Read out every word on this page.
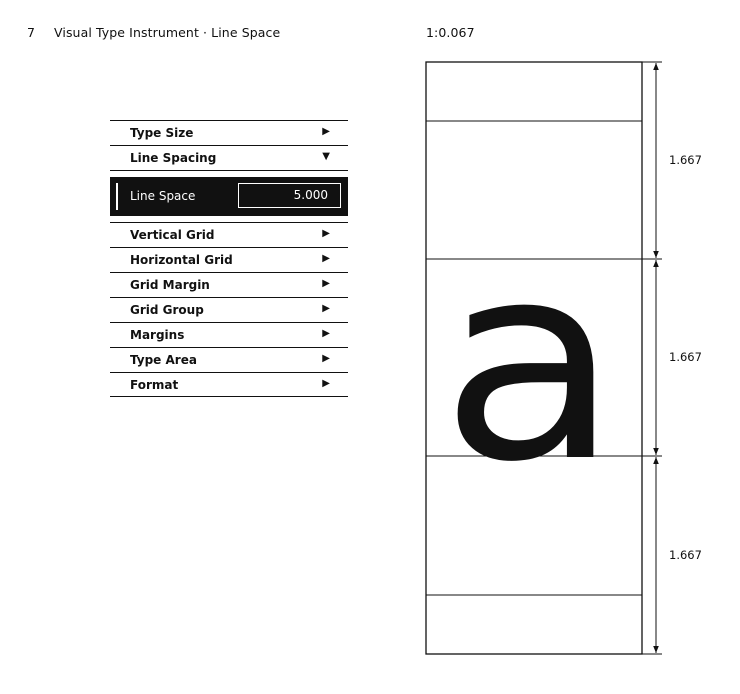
7 Visual Type Instrument · Line Space	1:0.067
Type Size	▶
Line Spacing	▼
Line Space	5.000
Vertical Grid	▶
Horizontal Grid	▶
Grid Margin	▶
Grid Group	▶
Margins	▶
Type Area	▶
Format	▶
1.667
1.667
1.667
a
